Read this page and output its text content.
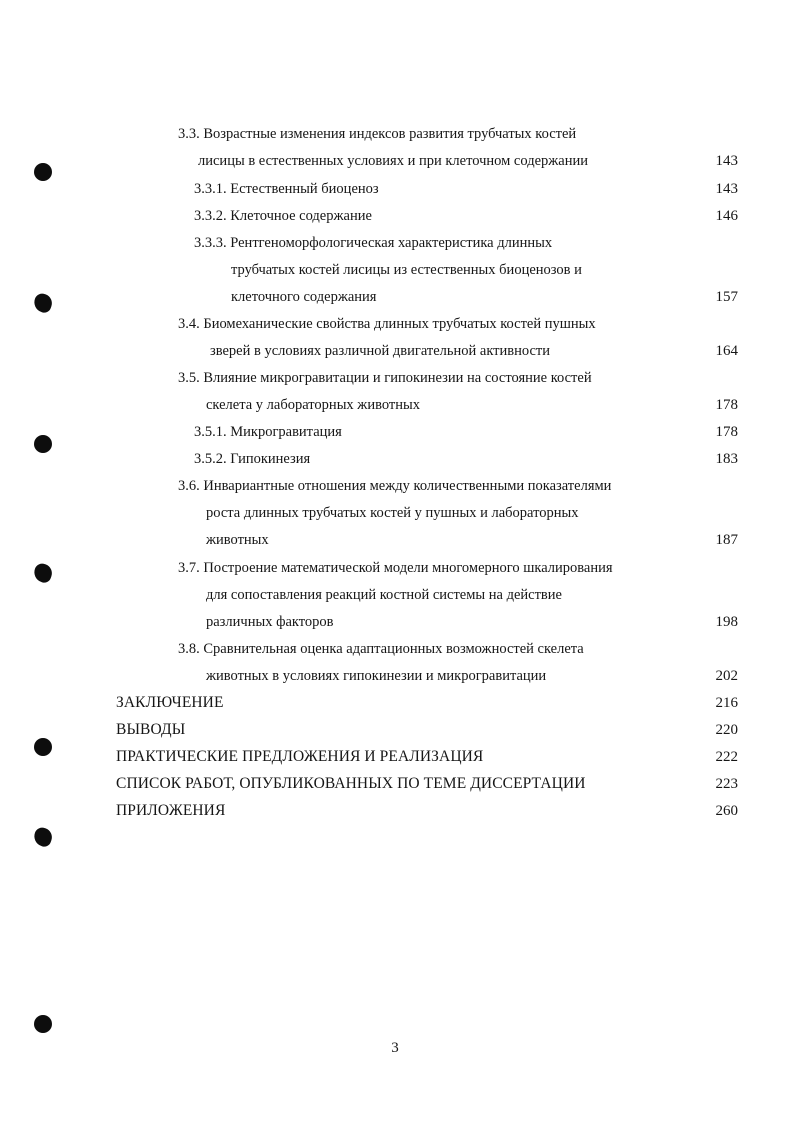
3.3. Возрастные изменения индексов развития трубчатых костей
лисицы в естественных условиях и при клеточном содержании	143
3.3.1. Естественный биоценоз	143
3.3.2. Клеточное содержание	146
3.3.3. Рентгеноморфологическая характеристика длинных
трубчатых костей лисицы из естественных биоценозов и
клеточного содержания	157
3.4. Биомеханические свойства длинных трубчатых костей пушных
зверей в условиях различной двигательной активности	164
3.5. Влияние микрогравитации и гипокинезии на состояние костей
скелета у лабораторных животных	178
3.5.1. Микрогравитация	178
3.5.2. Гипокинезия	183
3.6. Инвариантные отношения между количественными показателями
роста длинных трубчатых костей у пушных и лабораторных
животных	187
3.7. Построение математической модели многомерного шкалирования
для сопоставления реакций костной системы на действие
различных факторов	198
3.8. Сравнительная оценка адаптационных возможностей скелета
животных в условиях гипокинезии и микрогравитации	202
ЗАКЛЮЧЕНИЕ	216
ВЫВОДЫ	220
ПРАКТИЧЕСКИЕ ПРЕДЛОЖЕНИЯ И РЕАЛИЗАЦИЯ	222
СПИСОК РАБОТ, ОПУБЛИКОВАННЫХ ПО ТЕМЕ ДИССЕРТАЦИИ	223
ПРИЛОЖЕНИЯ	260
3
